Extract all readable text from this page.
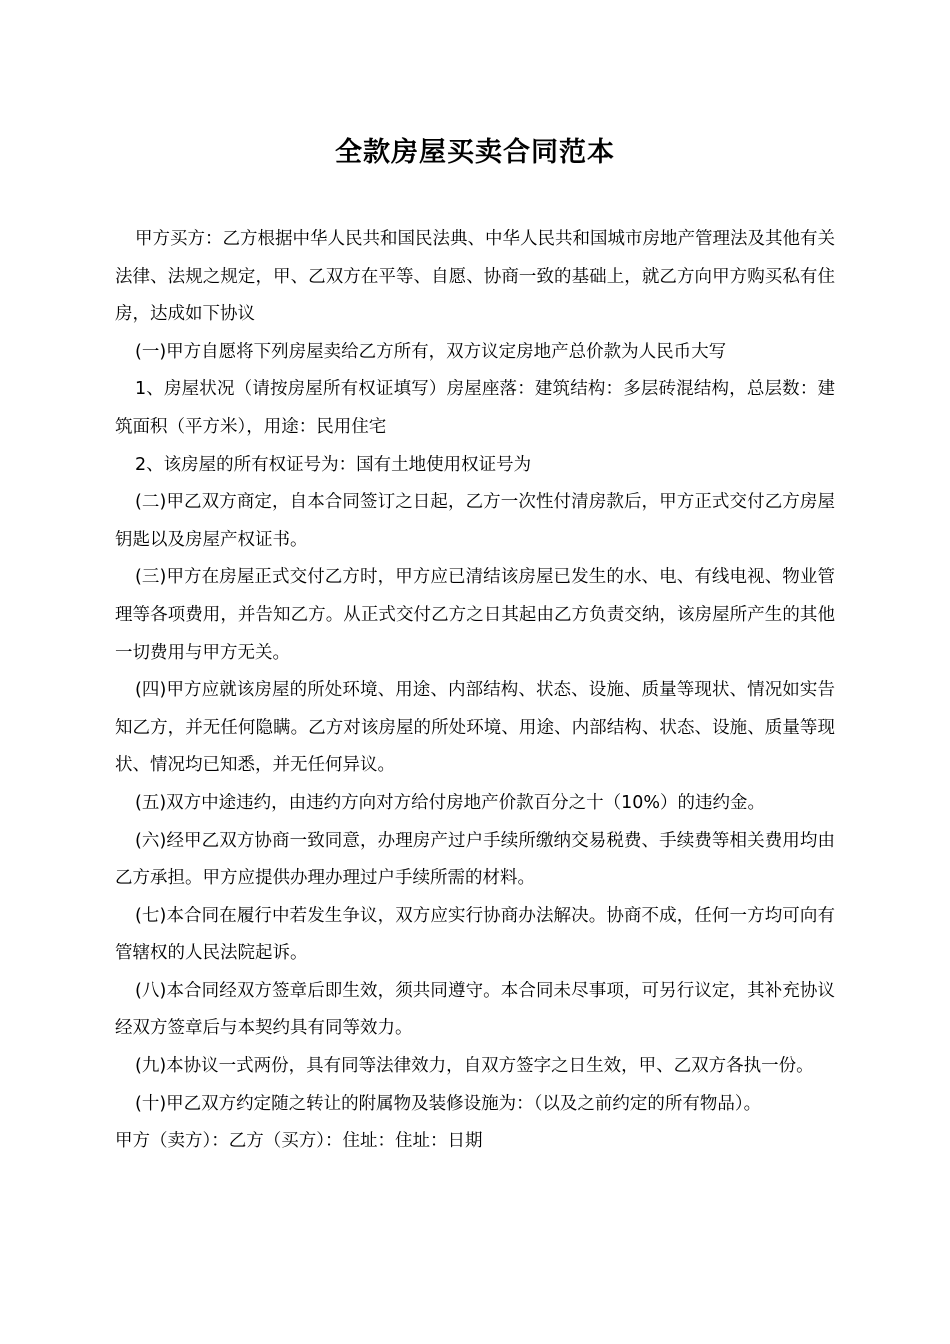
全款房屋买卖合同范本

甲方买方：乙方根据中华人民共和国民法典、中华人民共和国城市房地产管理法及其他有关法律、法规之规定，甲、乙双方在平等、自愿、协商一致的基础上，就乙方向甲方购买私有住房，达成如下协议

(一)甲方自愿将下列房屋卖给乙方所有，双方议定房地产总价款为人民币大写

1、房屋状况（请按房屋所有权证填写）房屋座落：建筑结构：多层砖混结构，总层数：建筑面积（平方米），用途：民用住宅

2、该房屋的所有权证号为：国有土地使用权证号为

(二)甲乙双方商定，自本合同签订之日起，乙方一次性付清房款后，甲方正式交付乙方房屋钥匙以及房屋产权证书。

(三)甲方在房屋正式交付乙方时，甲方应已清结该房屋已发生的水、电、有线电视、物业管理等各项费用，并告知乙方。从正式交付乙方之日其起由乙方负责交纳，该房屋所产生的其他一切费用与甲方无关。

(四)甲方应就该房屋的所处环境、用途、内部结构、状态、设施、质量等现状、情况如实告知乙方，并无任何隐瞒。乙方对该房屋的所处环境、用途、内部结构、状态、设施、质量等现状、情况均已知悉，并无任何异议。

(五)双方中途违约，由违约方向对方给付房地产价款百分之十（10%）的违约金。

(六)经甲乙双方协商一致同意，办理房产过户手续所缴纳交易税费、手续费等相关费用均由乙方承担。甲方应提供办理办理过户手续所需的材料。

(七)本合同在履行中若发生争议，双方应实行协商办法解决。协商不成，任何一方均可向有管辖权的人民法院起诉。

(八)本合同经双方签章后即生效，须共同遵守。本合同未尽事项，可另行议定，其补充协议经双方签章后与本契约具有同等效力。

(九)本协议一式两份，具有同等法律效力，自双方签字之日生效，甲、乙双方各执一份。

(十)甲乙双方约定随之转让的附属物及装修设施为：（以及之前约定的所有物品）。

甲方（卖方）：乙方（买方）：住址：住址：日期
